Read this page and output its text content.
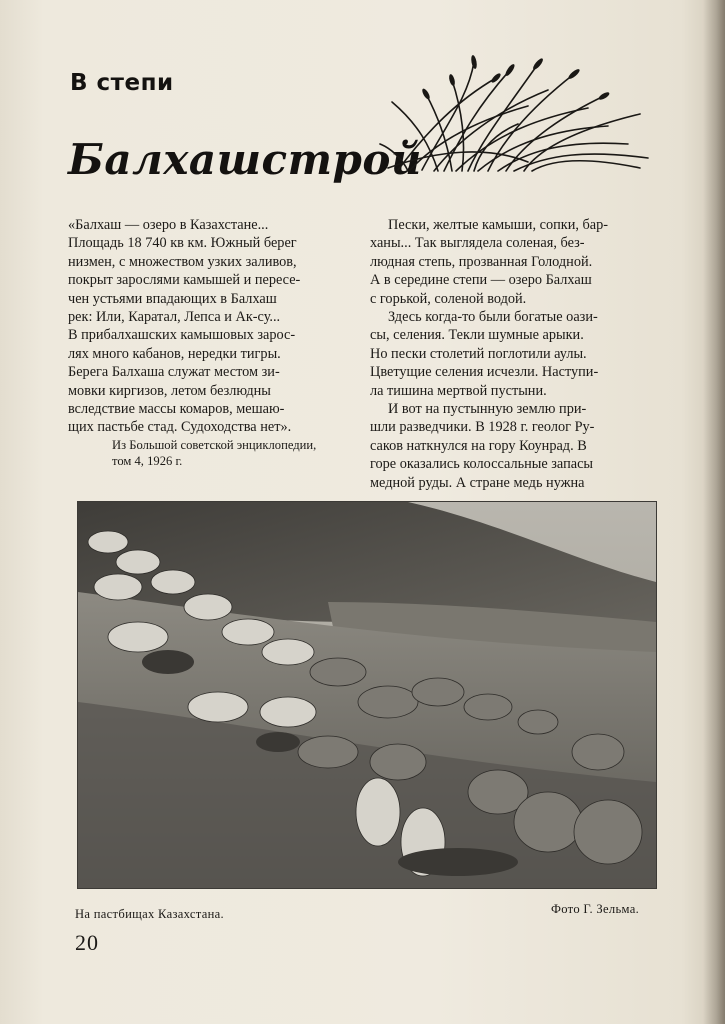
В степи
Балхашстрой

«Балхаш — озеро в Казахстане...

Площадь 18 740 кв км. Южный берег

низмен, с множеством узких заливов,

покрыт зарослями камышей и пересе-

чен устьями впадающих в Балхаш

рек: Или, Каратал, Лепса и Ак-су...

В прибалхашских камышовых зарос-

лях много кабанов, нередки тигры.

Берега Балхаша служат местом зи-

мовки киргизов, летом безлюдны

вследствие массы комаров, мешаю-

щих пастьбе стад. Судоходства нет».

Из Большой советской энциклопедии,

том 4, 1926 г.

Пески, желтые камыши, сопки, бар-

ханы... Так выглядела соленая, без-

людная степь, прозванная Голодной.

А в середине степи — озеро Балхаш

с горькой, соленой водой.

Здесь когда-то были богатые оази-

сы, селения. Текли шумные арыки.

Но пески столетий поглотили аулы.

Цветущие селения исчезли. Наступи-

ла тишина мертвой пустыни.

И вот на пустынную землю при-

шли разведчики. В 1928 г. геолог Ру-

саков наткнулся на гору Коунрад. В

горе оказались колоссальные запасы

медной руды. А стране медь нужна

На пастбищах Казахстана.	Фото Г. Зельма.

20
